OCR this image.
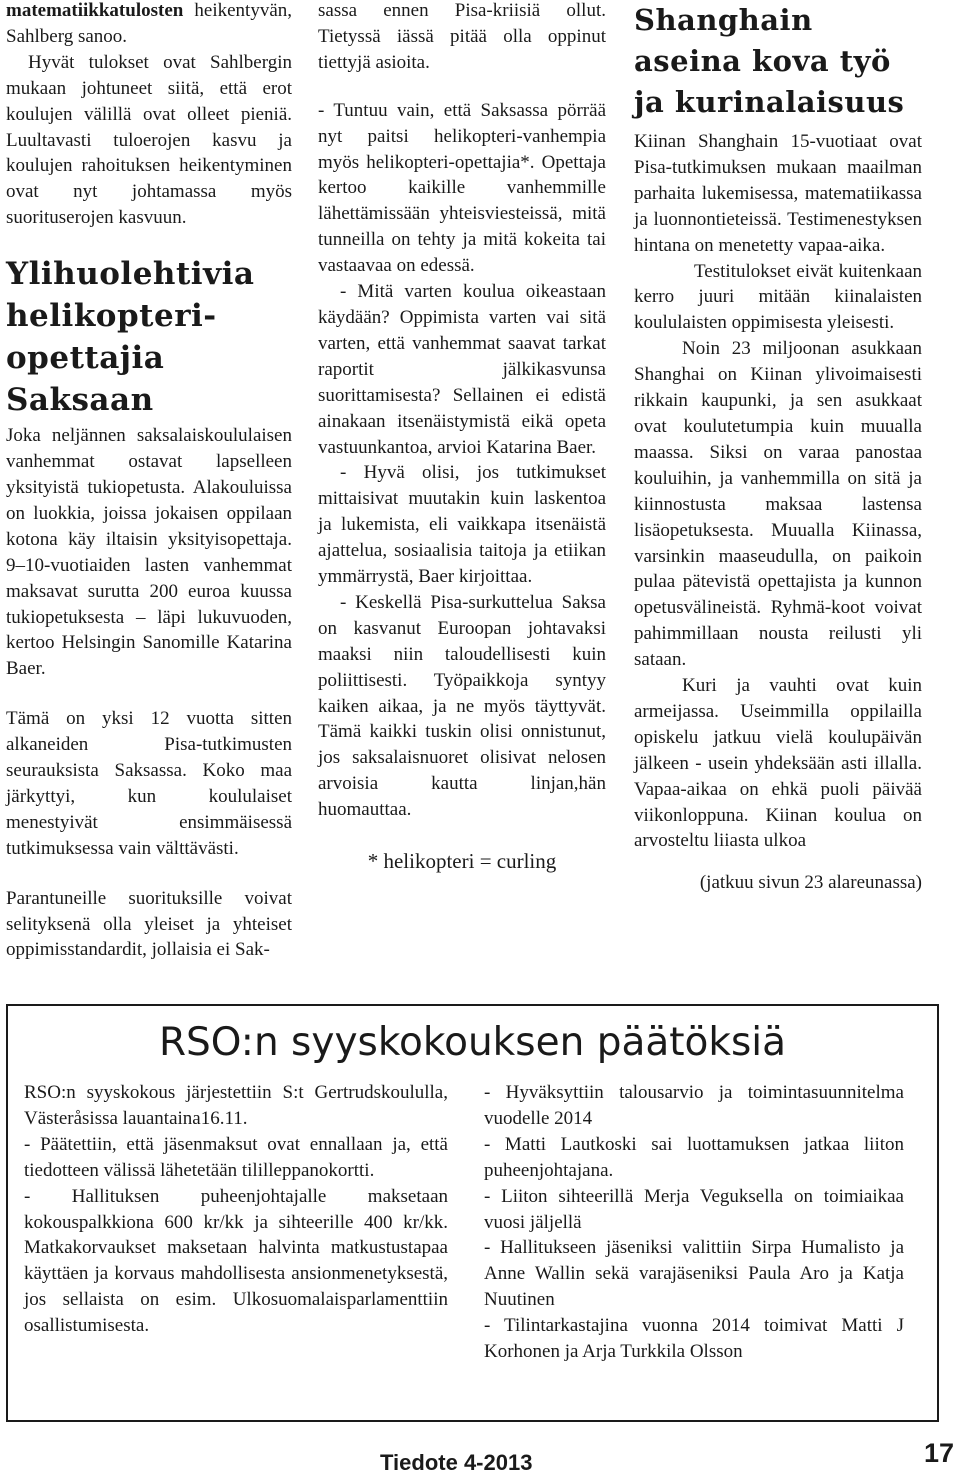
matematiikkatulosten heikentyvän, Sahlberg sanoo.

Hyvät tulokset ovat Sahlbergin mukaan johtuneet siitä, että erot koulujen välillä ovat olleet pieniä. Luultavasti tuloerojen kasvu ja koulujen rahoituksen heikentyminen ovat nyt johtamassa myös suorituserojen kasvuun.

Ylihuolehtivia helikopteri-opettajia Saksaan

Joka neljännen saksalaiskoululaisen vanhemmat ostavat lapselleen yksityistä tukiopetusta. Alakouluissa on luokkia, joissa jokaisen oppilaan kotona käy iltaisin yksityisopettaja. 9–10-vuotiaiden lasten vanhemmat maksavat surutta 200 euroa kuussa tukiopetuksesta – läpi lukuvuoden, kertoo Helsingin Sanomille Katarina Baer.

Tämä on yksi 12 vuotta sitten alkaneiden Pisa-tutkimusten seurauksista Saksassa. Koko maa järkyttyi, kun koululaiset menestyivät ensimmäisessä tutkimuksessa vain välttävästi.

Parantuneille suorituksille voivat selityksenä olla yleiset ja yhteiset oppimisstandardit, jollaisia ei Sak-

sassa ennen Pisa-kriisiä ollut. Tietyssä iässä pitää olla oppinut tiettyjä asioita.

- Tuntuu vain, että Saksassa pörrää nyt paitsi helikopteri-vanhempia myös helikopteri-opettajia*. Opettaja kertoo kaikille vanhemmille lähettämissään yhteisviesteissä, mitä tunneilla on tehty ja mitä kokeita tai vastaavaa on edessä.

- Mitä varten koulua oikeastaan käydään? Oppimista varten vai sitä varten, että vanhemmat saavat tarkat raportit jälkikasvunsa suorittamisesta? Sellainen ei edistä ainakaan itsenäistymistä eikä opeta vastuunkantoa, arvioi Katarina Baer.

- Hyvä olisi, jos tutkimukset mittaisivat muutakin kuin laskentoa ja lukemista, eli vaikkapa itsenäistä ajattelua, sosiaalisia taitoja ja etiikan ymmärrystä, Baer kirjoittaa.

- Keskellä Pisa-surkuttelua Saksa on kasvanut Euroopan johtavaksi maaksi niin taloudellisesti kuin poliittisesti. Työpaikkoja syntyy kaiken aikaa, ja ne myös täyttyvät. Tämä kaikki tuskin olisi onnistunut, jos saksalaisnuoret olisivat nelosen arvoisia kautta linjan,hän huomauttaa.

* helikopteri = curling

Shanghain aseina kova työ ja kurinalaisuus

Kiinan Shanghain 15-vuotiaat ovat Pisa-tutkimuksen mukaan maailman parhaita lukemisessa, matematiikassa ja luonnontieteissä. Testimenestyksen hintana on menetetty vapaa-aika.

Testitulokset eivät kuitenkaan kerro juuri mitään kiinalaisten koululaisten oppimisesta yleisesti.

Noin 23 miljoonan asukkaan Shanghai on Kiinan ylivoimaisesti rikkain kaupunki, ja sen asukkaat ovat koulutetumpia kuin muualla maassa. Siksi on varaa panostaa kouluihin, ja vanhemmilla on sitä ja kiinnostusta maksaa lastensa lisäopetuksesta. Muualla Kiinassa, varsinkin maaseudulla, on paikoin pulaa pätevistä opettajista ja kunnon opetusvälineistä. Ryhmä-koot voivat pahimmillaan nousta reilusti yli sataan.

Kuri ja vauhti ovat kuin armeijassa. Useimmilla oppilailla opiskelu jatkuu vielä koulupäivän jälkeen - usein yhdeksään asti illalla. Vapaa-aikaa on ehkä puoli päivää viikonloppuna. Kiinan koulua on arvosteltu liiasta ulkoa

(jatkuu sivun 23 alareunassa)

RSO:n syyskokouksen päätöksiä

RSO:n syyskokous järjestettiin S:t Gertrudskoululla, Västeråsissa lauantaina16.11.

- Päätettiin, että jäsenmaksut ovat ennallaan ja, että tiedotteen välissä lähetetään tililleppanokortti.

- Hallituksen puheenjohtajalle maksetaan kokouspalkkiona 600 kr/kk ja sihteerille 400 kr/kk. Matkakorvaukset maksetaan halvinta matkustustapaa käyttäen ja korvaus mahdollisesta ansionmenetyksestä, jos sellaista on esim. Ulkosuomalaisparlamenttiin osallistumisesta.

- Hyväksyttiin talousarvio ja toimintasuunnitelma vuodelle 2014

- Matti Lautkoski sai luottamuksen jatkaa liiton puheenjohtajana.

- Liiton sihteerillä Merja Veguksella on toimiaikaa vuosi jäljellä

- Hallitukseen jäseniksi valittiin Sirpa Humalisto ja Anne Wallin sekä varajäseniksi Paula Aro ja Katja Nuutinen

- Tilintarkastajina vuonna 2014 toimivat Matti J Korhonen ja Arja Turkkila Olsson

Tiedote 4-2013	17
